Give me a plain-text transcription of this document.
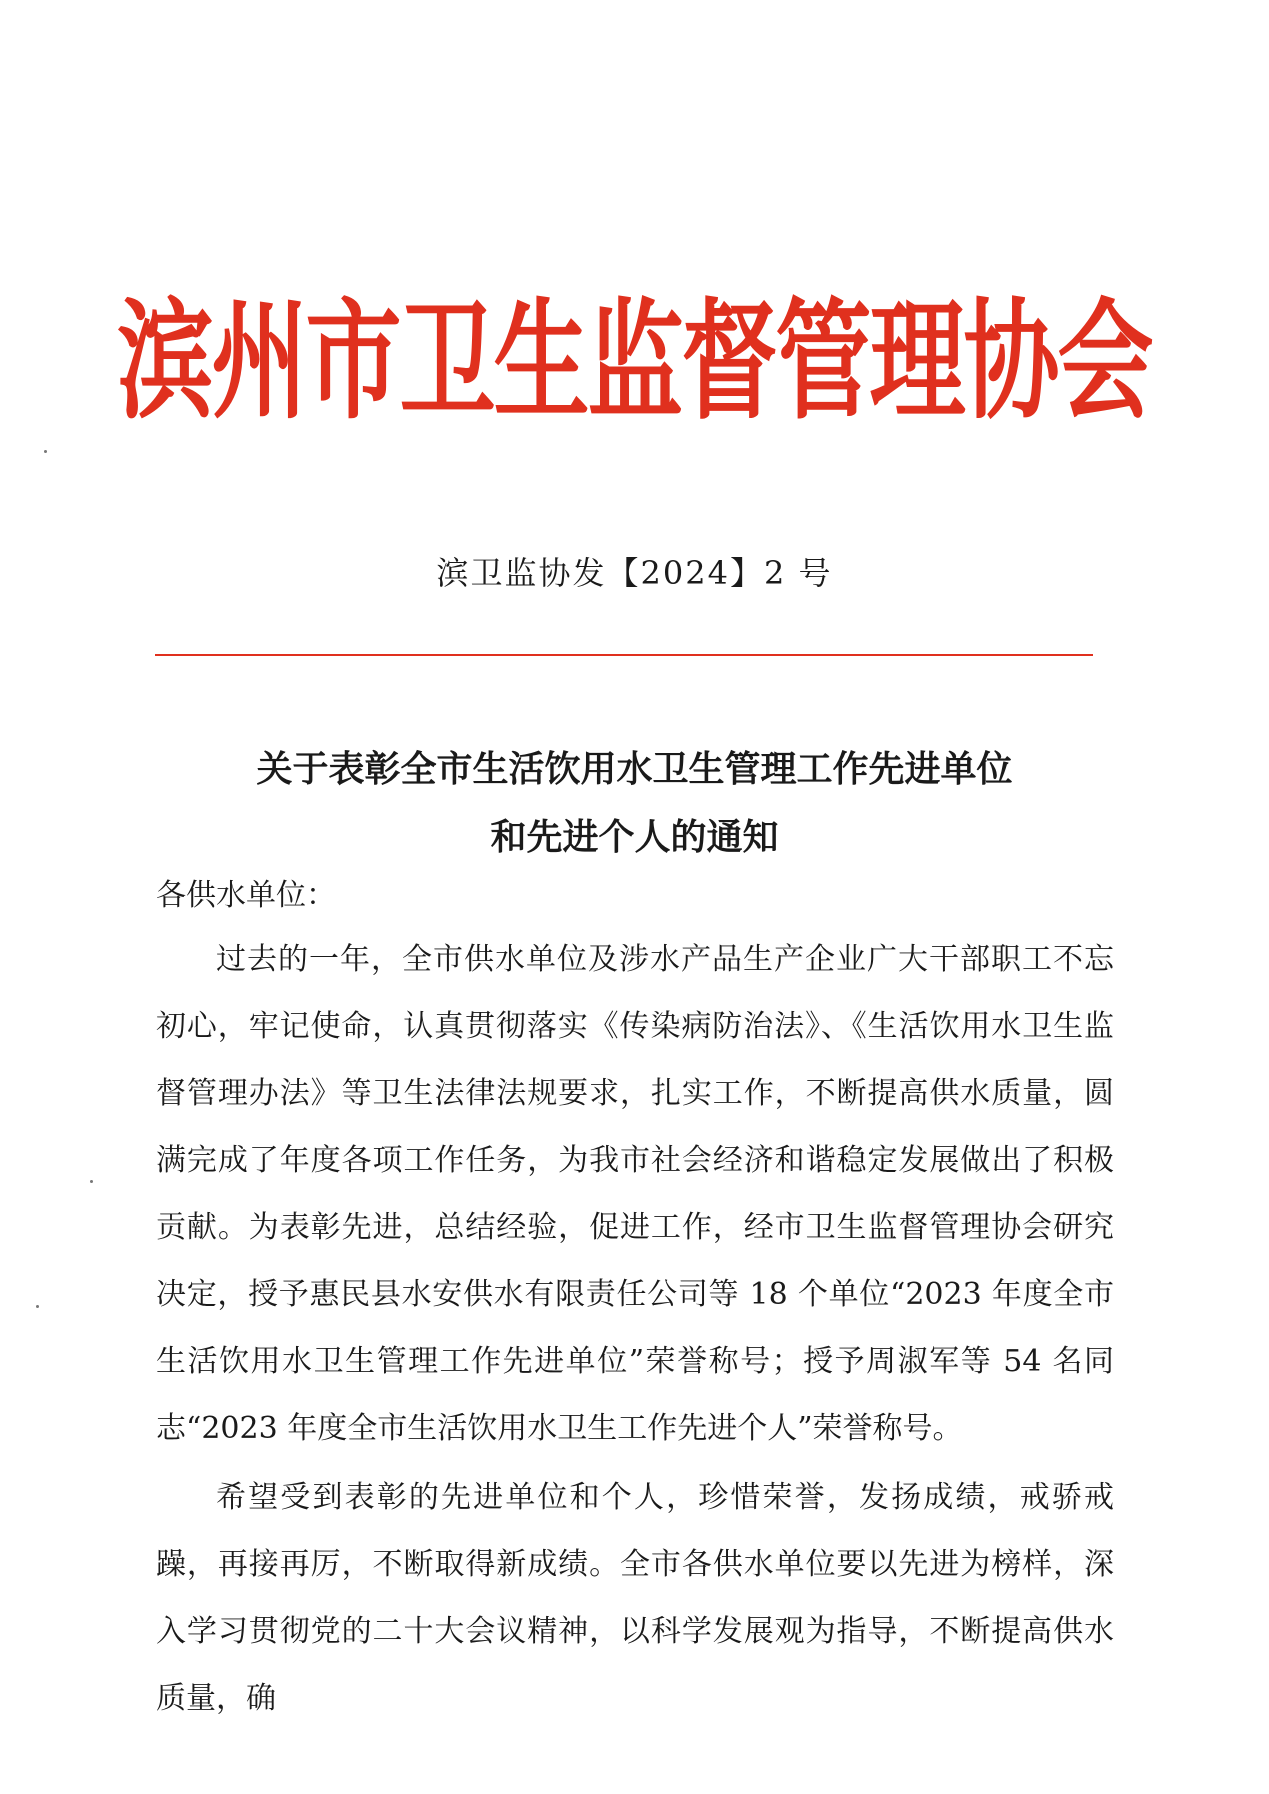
滨州市卫生监督管理协会
滨卫监协发【2024】2 号
关于表彰全市生活饮用水卫生管理工作先进单位
和先进个人的通知
各供水单位：

过去的一年，全市供水单位及涉水产品生产企业广大干部职工不忘初心，牢记使命，认真贯彻落实《传染病防治法》、《生活饮用水卫生监督管理办法》等卫生法律法规要求，扎实工作，不断提高供水质量，圆满完成了年度各项工作任务，为我市社会经济和谐稳定发展做出了积极贡献。为表彰先进，总结经验，促进工作，经市卫生监督管理协会研究决定，授予惠民县水安供水有限责任公司等 18 个单位“2023 年度全市生活饮用水卫生管理工作先进单位”荣誉称号；授予周淑军等 54 名同志“2023 年度全市生活饮用水卫生工作先进个人”荣誉称号。

希望受到表彰的先进单位和个人，珍惜荣誉，发扬成绩，戒骄戒躁，再接再厉，不断取得新成绩。全市各供水单位要以先进为榜样，深入学习贯彻党的二十大会议精神，以科学发展观为指导，不断提高供水质量，确
